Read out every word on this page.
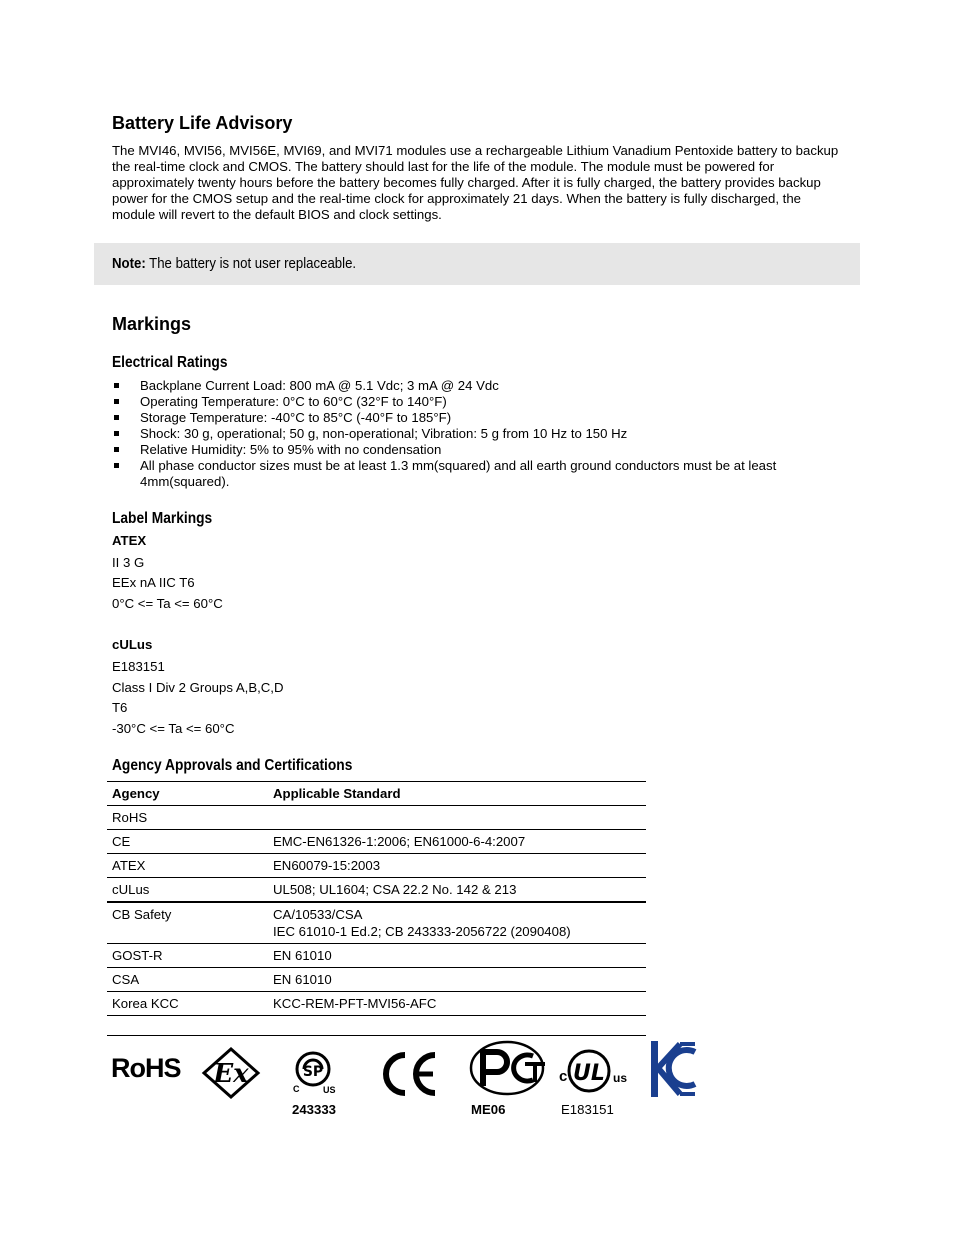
Battery Life Advisory

The MVI46, MVI56, MVI56E, MVI69, and MVI71 modules use a rechargeable Lithium Vanadium Pentoxide battery to backup the real-time clock and CMOS. The battery should last for the life of the module. The module must be powered for approximately twenty hours before the battery becomes fully charged. After it is fully charged, the battery provides backup power for the CMOS setup and the real-time clock for approximately 21 days. When the battery is fully discharged, the module will revert to the default BIOS and clock settings.

Note: The battery is not user replaceable.
Markings
Electrical Ratings
Backplane Current Load: 800 mA @ 5.1 Vdc; 3 mA @ 24 Vdc
Operating Temperature: 0°C to 60°C (32°F to 140°F)
Storage Temperature: -40°C to 85°C (-40°F to 185°F)
Shock: 30 g, operational; 50 g, non-operational; Vibration: 5 g from 10 Hz to 150 Hz
Relative Humidity: 5% to 95% with no condensation
All phase conductor sizes must be at least 1.3 mm(squared) and all earth ground conductors must be at least 4mm(squared).
Label Markings
ATEX
II 3 G
EEx nA IIC T6
0°C <= Ta <= 60°C
cULus
E183151
Class I Div 2 Groups A,B,C,D
T6
-30°C <= Ta <= 60°C
Agency Approvals and Certifications
Agency	Applicable Standard
RoHS	
CE	EMC-EN61326-1:2006; EN61000-6-4:2007
ATEX	EN60079-15:2003
cULus	UL508; UL1604; CSA 22.2 No. 142 & 213
CB Safety	CA/10533/CSA
IEC 61010-1 Ed.2; CB 243333-2056722 (2090408)

GOST-R	EN 61010
CSA	EN 61010
Korea KCC	KCC-REM-PFT-MVI56-AFC
RoHS Ex	SP
C	US
243333	ME06
UL
c	us
E183151
